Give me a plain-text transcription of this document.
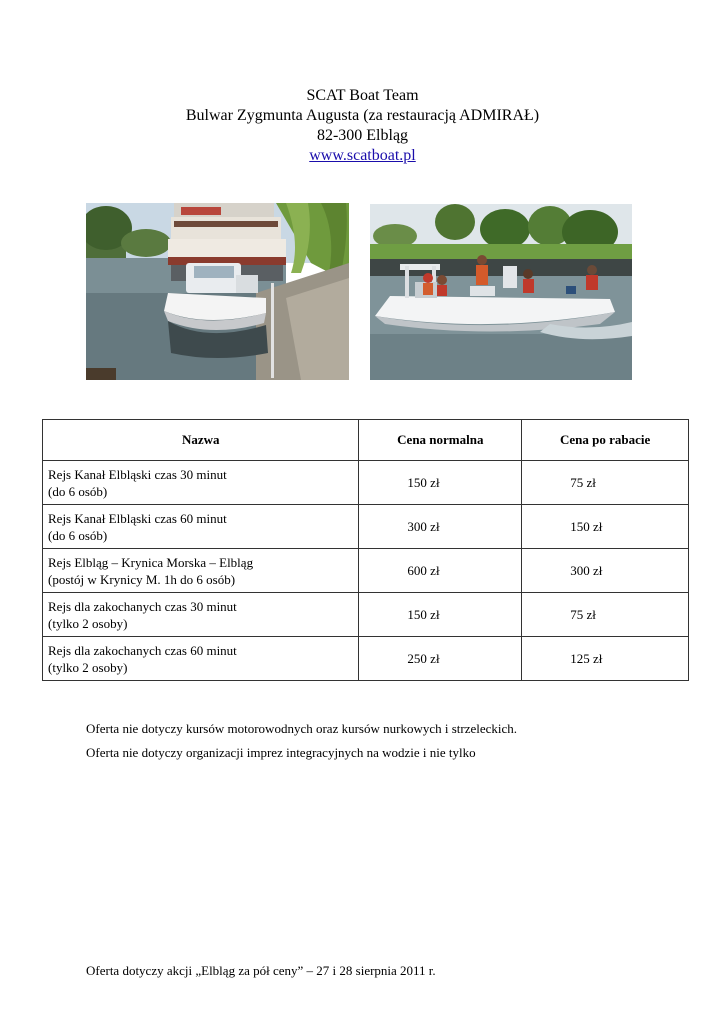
SCAT Boat Team
Bulwar Zygmunta Augusta (za restauracją ADMIRAŁ)
82-300 Elbląg
www.scatboat.pl
Nazwa	Cena normalna	Cena po rabacie
Rejs Kanał Elbląski czas 30 minut
(do 6 osób)	150 zł	75 zł
Rejs Kanał Elbląski czas 60 minut
(do 6 osób)	300 zł	150 zł
Rejs Elbląg – Krynica Morska – Elbląg
(postój w Krynicy M. 1h do 6 osób)	600 zł	300 zł
Rejs dla zakochanych czas 30 minut
(tylko 2 osoby)	150 zł	75 zł
Rejs dla zakochanych czas 60 minut
(tylko 2 osoby)	250 zł	125 zł
Oferta nie dotyczy kursów motorowodnych oraz kursów nurkowych i strzeleckich.
Oferta nie dotyczy organizacji imprez integracyjnych na wodzie i nie tylko
Oferta dotyczy akcji „Elbląg za pół ceny” – 27 i 28 sierpnia 2011 r.
